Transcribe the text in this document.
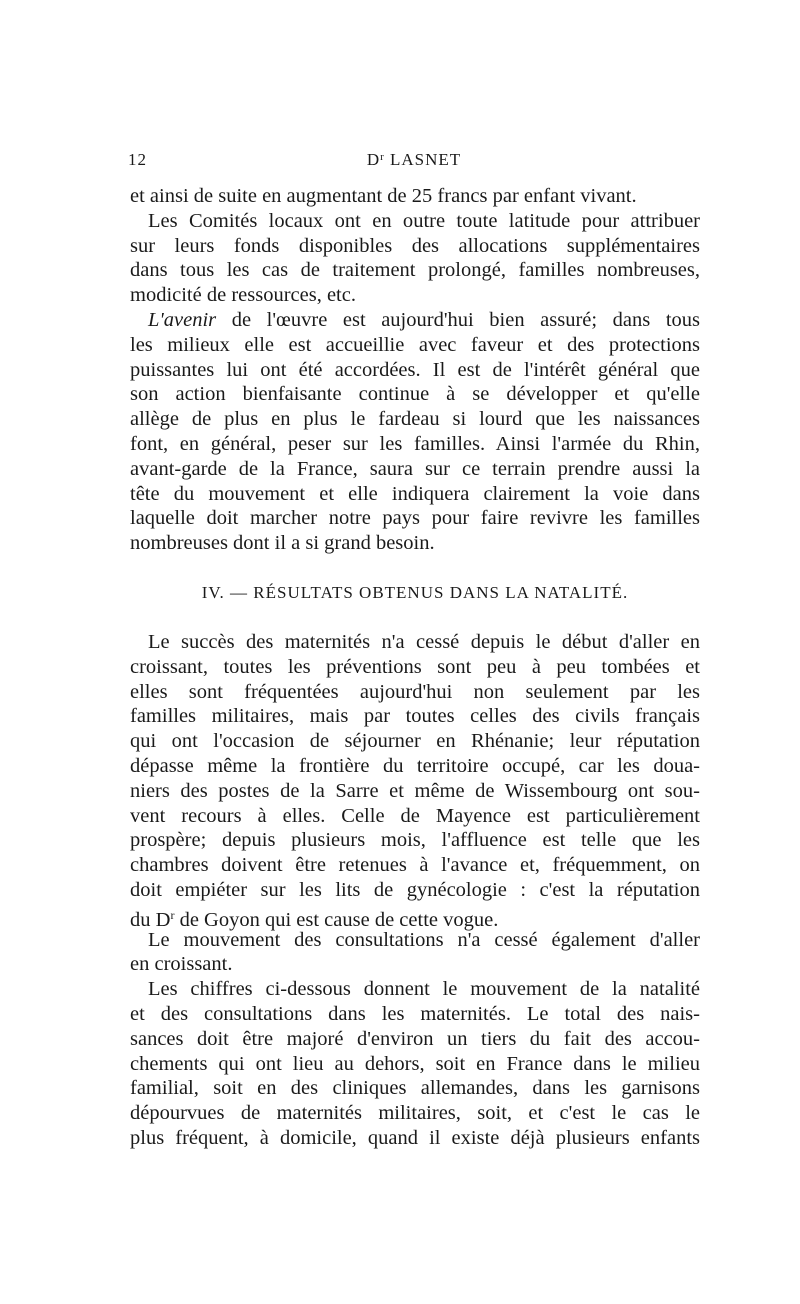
12	$D^r$ LASNET
et ainsi de suite en augmentant de 25 francs par enfant vivant.
Les Comités locaux ont en outre toute latitude pour attribuer
sur leurs fonds disponibles des allocations supplémentaires
dans tous les cas de traitement prolongé, familles nombreuses,
modicité de ressources, etc.
L'avenir de l'œuvre est aujourd'hui bien assuré; dans tous
les milieux elle est accueillie avec faveur et des protections
puissantes lui ont été accordées. Il est de l'intérêt général que
son action bienfaisante continue à se développer et qu'elle
allège de plus en plus le fardeau si lourd que les naissances
font, en général, peser sur les familles. Ainsi l'armée du Rhin,
avant-garde de la France, saura sur ce terrain prendre aussi la
tête du mouvement et elle indiquera clairement la voie dans
laquelle doit marcher notre pays pour faire revivre les familles
nombreuses dont il a si grand besoin.
IV. — RÉSULTATS OBTENUS DANS LA NATALITÉ.
Le succès des maternités n'a cessé depuis le début d'aller en
croissant, toutes les préventions sont peu à peu tombées et
elles sont fréquentées aujourd'hui non seulement par les
familles militaires, mais par toutes celles des civils français
qui ont l'occasion de séjourner en Rhénanie; leur réputation
dépasse même la frontière du territoire occupé, car les doua-
niers des postes de la Sarre et même de Wissembourg ont sou-
vent recours à elles. Celle de Mayence est particulièrement
prospère; depuis plusieurs mois, l'affluence est telle que les
chambres doivent être retenues à l'avance et, fréquemment, on
doit empiéter sur les lits de gynécologie : c'est la réputation
du $D^r$ de Goyon qui est cause de cette vogue.
Le mouvement des consultations n'a cessé également d'aller
en croissant.
Les chiffres ci-dessous donnent le mouvement de la natalité
et des consultations dans les maternités. Le total des nais-
sances doit être majoré d'environ un tiers du fait des accou-
chements qui ont lieu au dehors, soit en France dans le milieu
familial, soit en des cliniques allemandes, dans les garnisons
dépourvues de maternités militaires, soit, et c'est le cas le
plus fréquent, à domicile, quand il existe déjà plusieurs enfants
